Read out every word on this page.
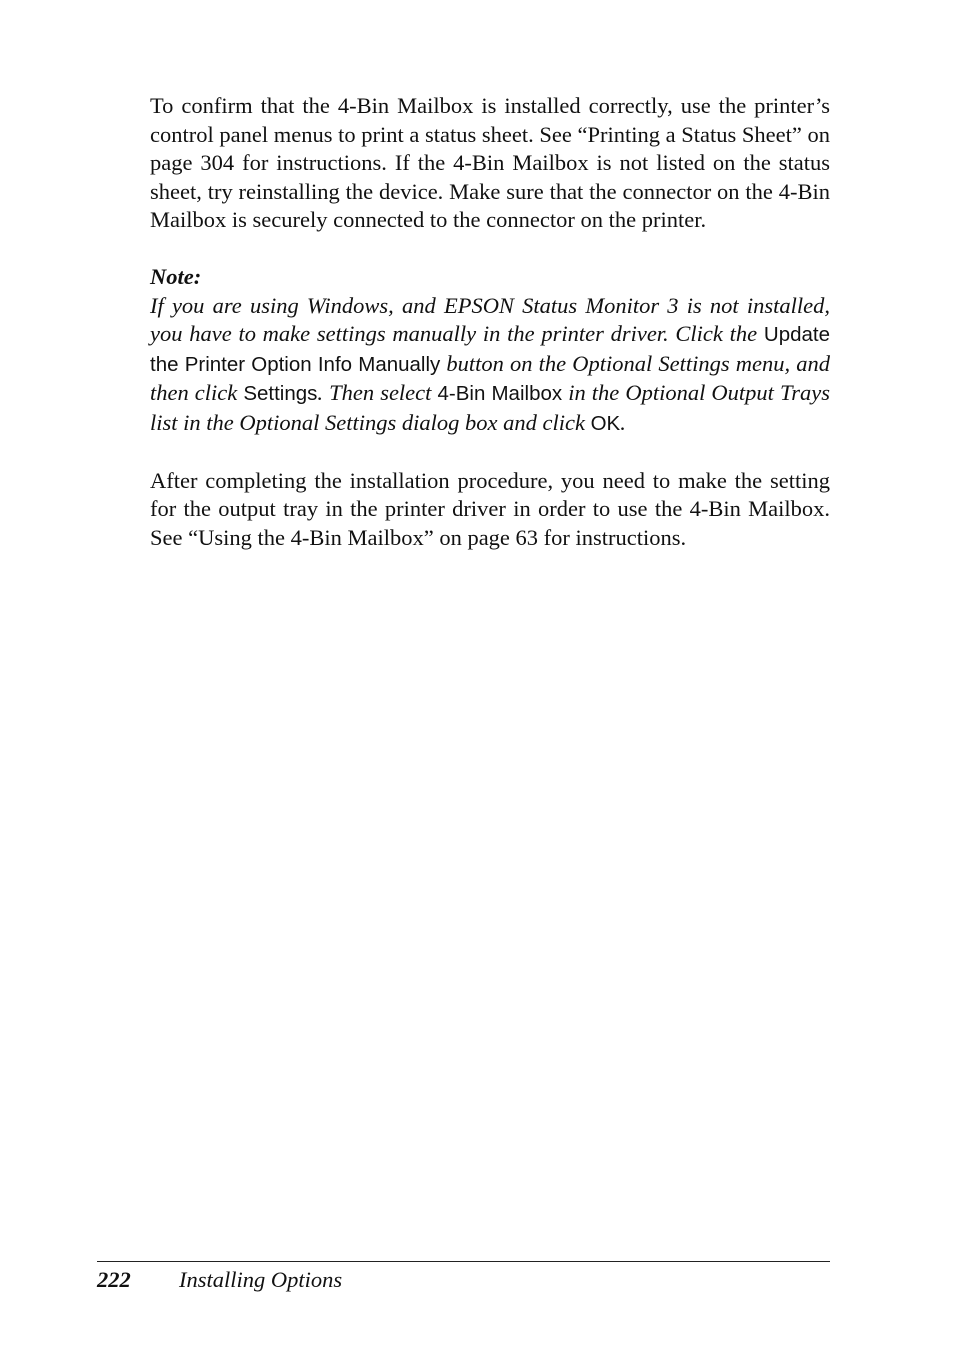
To confirm that the 4-Bin Mailbox is installed correctly, use the printer’s control panel menus to print a status sheet. See “Printing a Status Sheet” on page 304 for instructions. If the 4-Bin Mailbox is not listed on the status sheet, try reinstalling the device. Make sure that the connector on the 4-Bin Mailbox is securely connected to the connector on the printer.

Note:
If you are using Windows, and EPSON Status Monitor 3 is not installed, you have to make settings manually in the printer driver. Click the Update the Printer Option Info Manually button on the Optional Settings menu, and then click Settings. Then select 4-Bin Mailbox in the Optional Output Trays list in the Optional Settings dialog box and click OK.

After completing the installation procedure, you need to make the setting for the output tray in the printer driver in order to use the 4-Bin Mailbox. See “Using the 4-Bin Mailbox” on page 63 for instructions.

222	Installing Options
